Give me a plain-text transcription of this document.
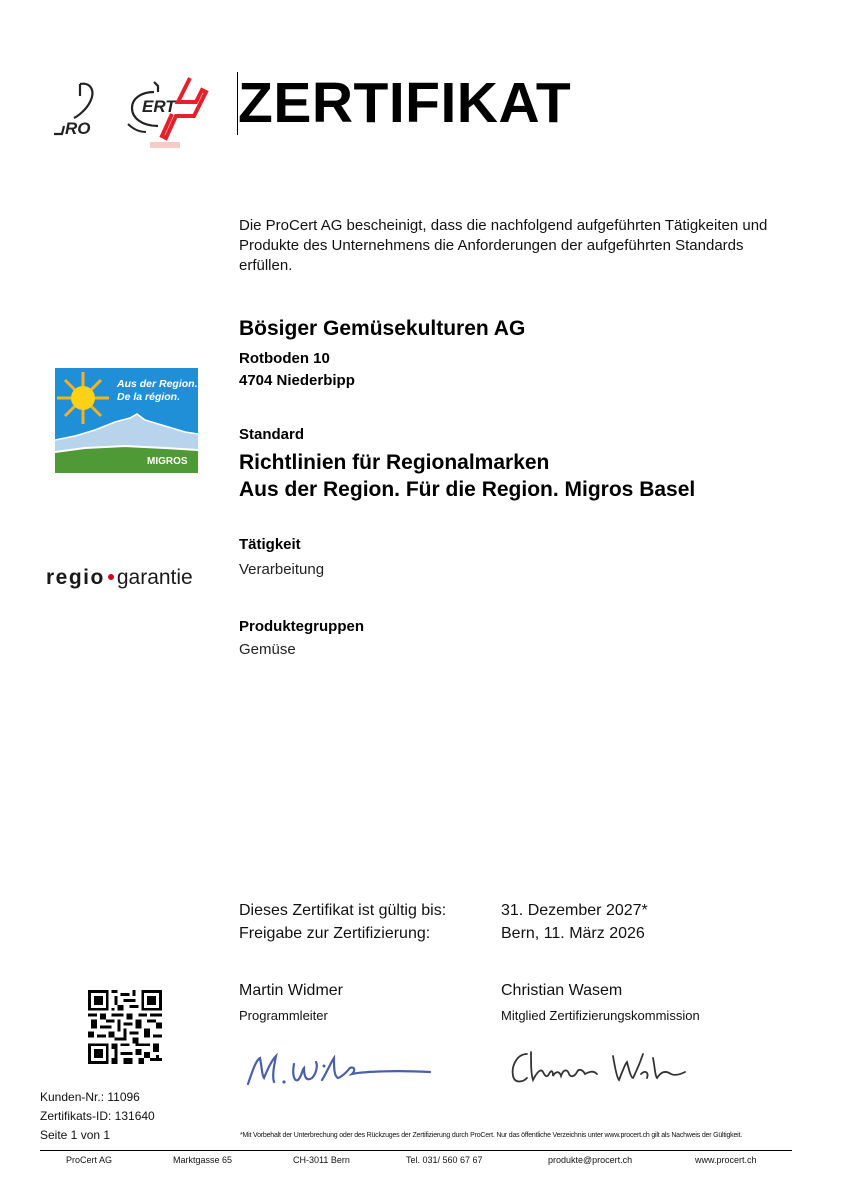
RO
ERT ZERTIFIKAT
Die ProCert AG bescheinigt, dass die nachfolgend aufgeführten Tätigkeiten und Produkte des Unternehmens die Anforderungen der aufgeführten Standards erfüllen.
Bösiger Gemüsekulturen AG
Rotboden 10
4704 Niederbipp
Aus der Region.
De la région.
MIGROS
Standard
Richtlinien für Regionalmarken
Aus der Region. Für die Region. Migros Basel
regio garantie
Tätigkeit
Verarbeitung
Produktegruppen
Gemüse
Dieses Zertifikat ist gültig bis:	31. Dezember 2027*
Freigabe zur Zertifizierung:	Bern, 11. März 2026
Martin Widmer
Programmleiter
Christian Wasem
Mitglied Zertifizierungskommission
Kunden-Nr.: 11096
Zertifikats-ID: 131640
Seite 1 von 1	*Mit Vorbehalt der Unterbrechung oder des Rückzuges der Zertifizierung durch ProCert. Nur das öffentliche Verzeichnis unter www.procert.ch gilt als Nachweis der Gültigkeit.
ProCert AG	Marktgasse 65	CH-3011 Bern	Tel. 031/ 560 67 67	produkte@procert.ch	www.procert.ch
